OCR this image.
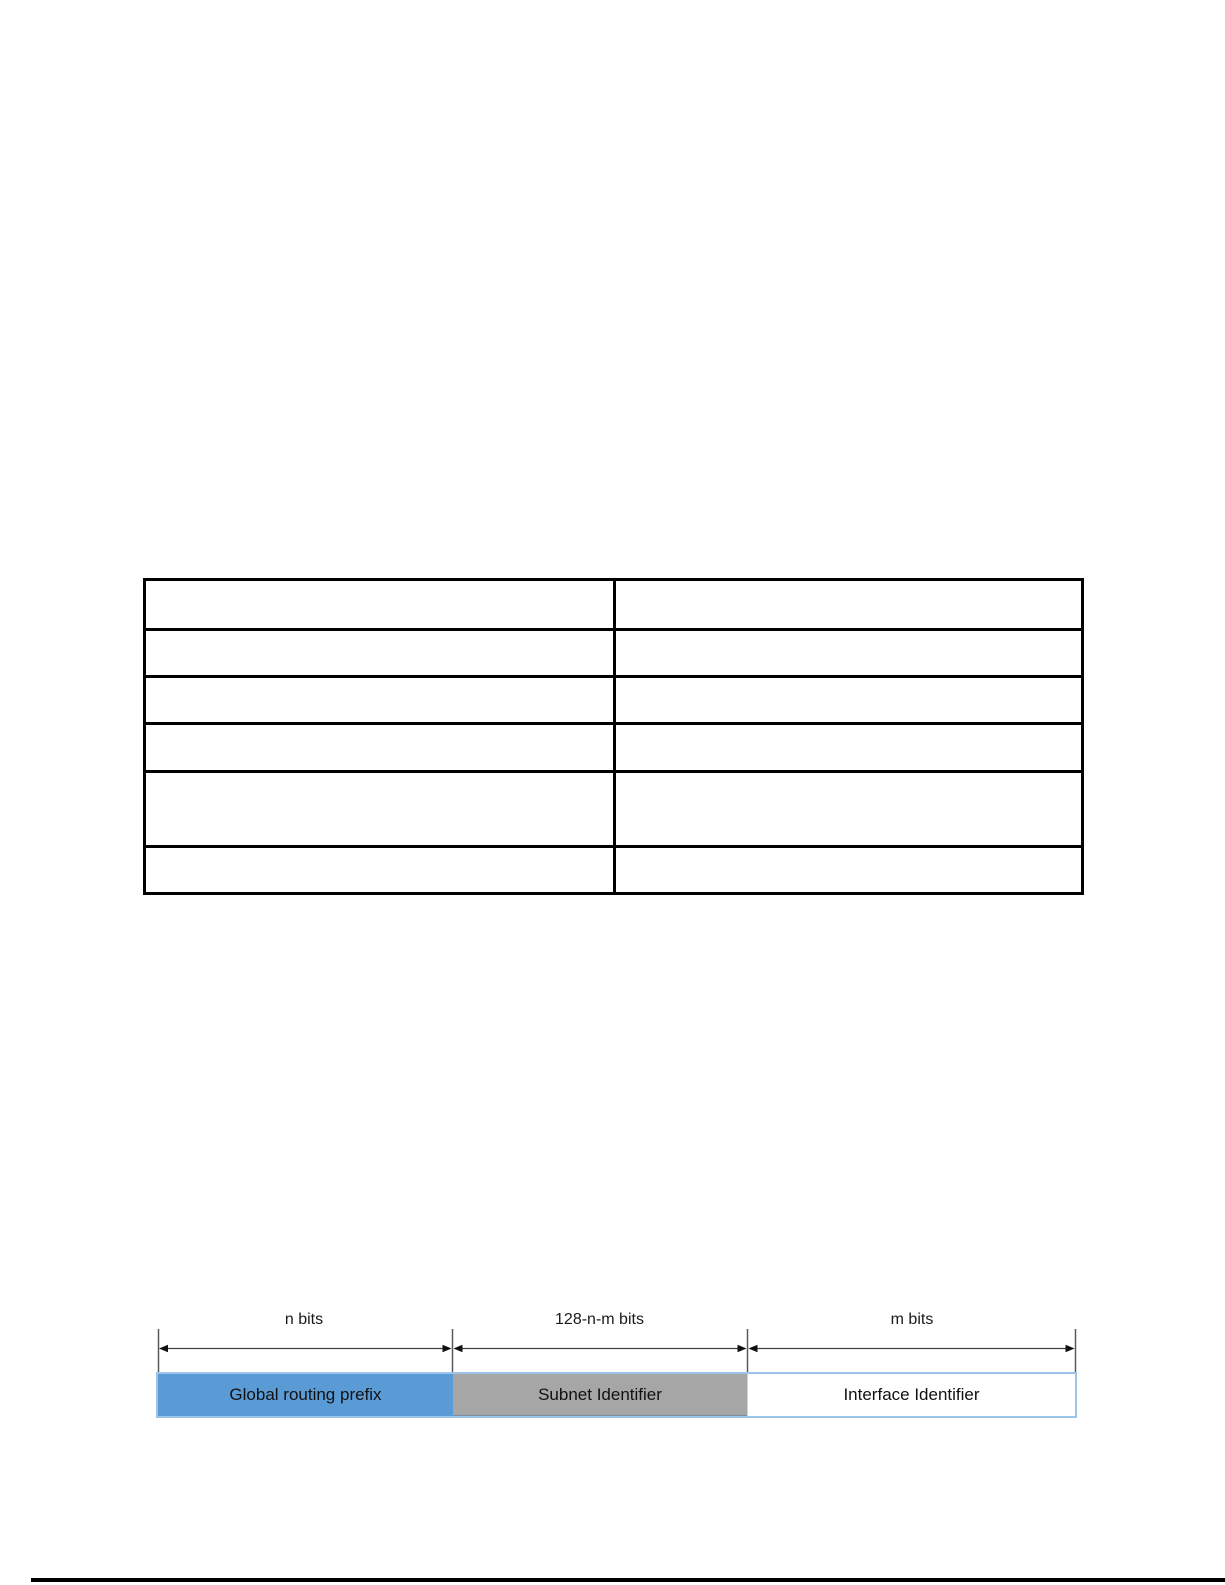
n bits	128-n-m bits	m bits
Global routing prefix	Subnet Identifier	Interface Identifier
